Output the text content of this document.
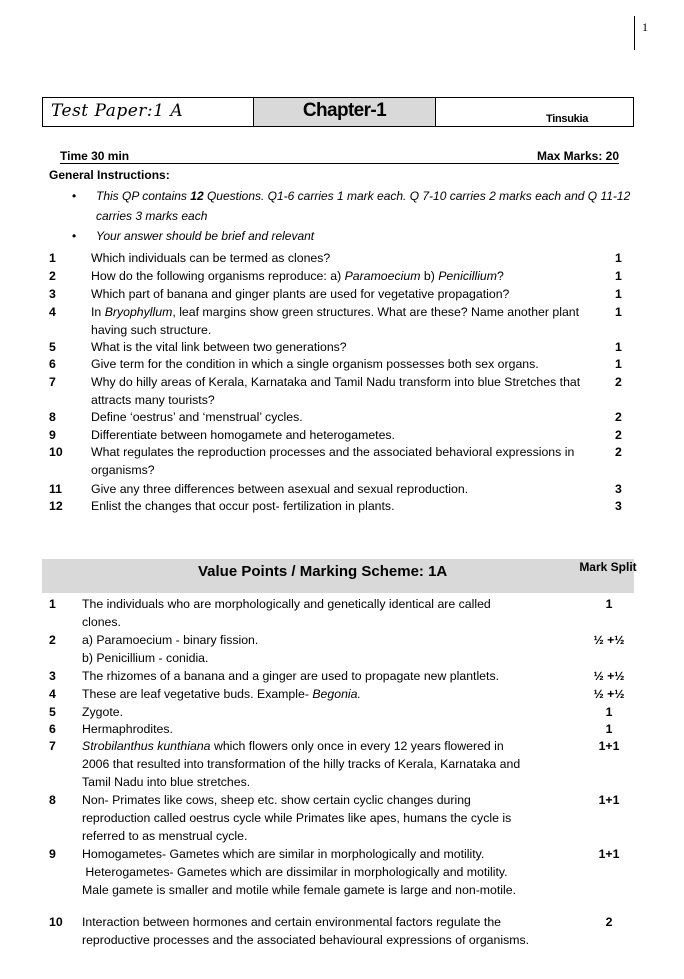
1
Test Paper:1 A	Chapter-1	Tinsukia
Time 30 min	Max Marks: 20
General Instructions:
• This QP contains 12 Questions. Q1-6 carries 1 mark each. Q 7-10 carries 2 marks each and Q 11-12 carries 3 marks each
• Your answer should be brief and relevant
1	Which individuals can be termed as clones?	1
2	How do the following organisms reproduce: a) Paramoecium b) Penicillium?	1
3	Which part of banana and ginger plants are used for vegetative propagation?	1
4	In Bryophyllum, leaf margins show green structures. What are these? Name another plant having such structure.
1
5	What is the vital link between two generations?	1
6	Give term for the condition in which a single organism possesses both sex organs.	1
7	Why do hilly areas of Kerala, Karnataka and Tamil Nadu transform into blue Stretches that attracts many tourists?
2
8	Define ‘oestrus’ and ‘menstrual’ cycles.	2
9	Differentiate between homogamete and heterogametes.	2
10 What regulates the reproduction processes and the associated behavioral expressions in organisms?
2
11 Give any three differences between asexual and sexual reproduction.	3
12 Enlist the changes that occur post- fertilization in plants.	3
Value Points / Marking Scheme: 1A	Mark Split
1 The individuals who are morphologically and genetically identical are called
clones.
1
2 a) Paramoecium - binary fission.
b) Penicillium - conidia.
½ +½
3 The rhizomes of a banana and a ginger are used to propagate new plantlets.	½ +½
4 These are leaf vegetative buds. Example- Begonia.	½ +½
5 Zygote.	1
6 Hermaphrodites.	1
7 Strobilanthus kunthiana which flowers only once in every 12 years flowered in
2006 that resulted into transformation of the hilly tracks of Kerala, Karnataka and
Tamil Nadu into blue stretches.
1+1
8 Non- Primates like cows, sheep etc. show certain cyclic changes during
reproduction called oestrus cycle while Primates like apes, humans the cycle is
referred to as menstrual cycle.
1+1
9 Homogametes- Gametes which are similar in morphologically and motility.
Heterogametes- Gametes which are dissimilar in morphologically and motility.
Male gamete is smaller and motile while female gamete is large and non-motile.
1+1
10 Interaction between hormones and certain environmental factors regulate the
reproductive processes and the associated behavioural expressions of organisms.
2
